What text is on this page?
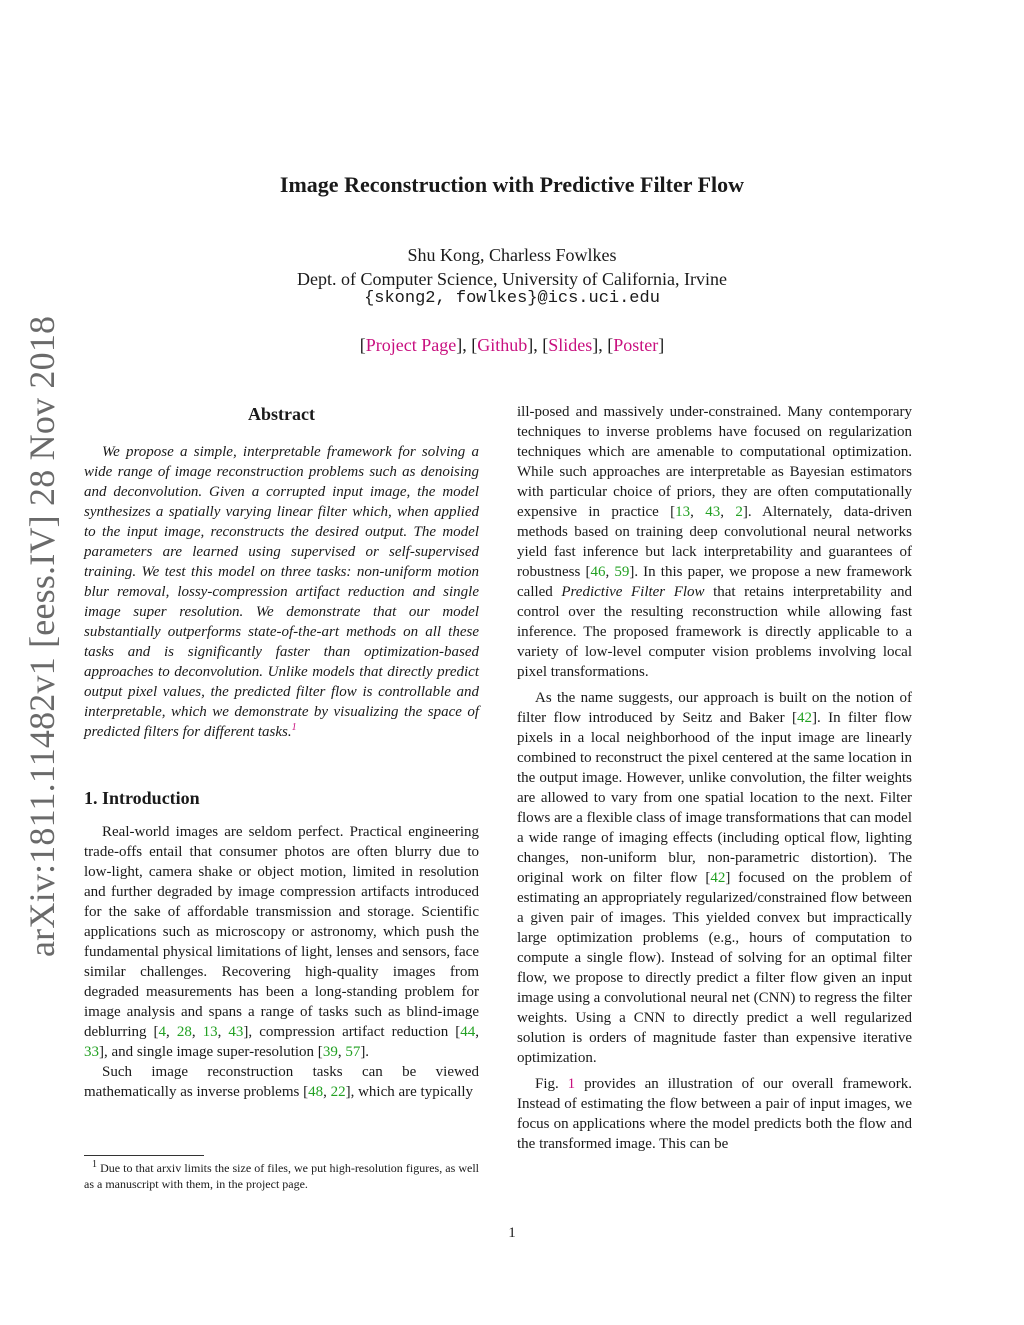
arXiv:1811.11482v1 [eess.IV] 28 Nov 2018
Image Reconstruction with Predictive Filter Flow
Shu Kong, Charless Fowlkes
Dept. of Computer Science, University of California, Irvine
{skong2, fowlkes}@ics.uci.edu
[Project Page], [Github], [Slides], [Poster]
Abstract

We propose a simple, interpretable framework for solving a wide range of image reconstruction problems such as denoising and deconvolution. Given a corrupted input image, the model synthesizes a spatially varying linear filter which, when applied to the input image, reconstructs the desired output. The model parameters are learned using supervised or self-supervised training. We test this model on three tasks: non-uniform motion blur removal, lossy-compression artifact reduction and single image super resolution. We demonstrate that our model substantially outperforms state-of-the-art methods on all these tasks and is significantly faster than optimization-based approaches to deconvolution. Unlike models that directly predict output pixel values, the predicted filter flow is controllable and interpretable, which we demonstrate by visualizing the space of predicted filters for different tasks.$^1$

1. Introduction

Real-world images are seldom perfect. Practical engineering trade-offs entail that consumer photos are often blurry due to low-light, camera shake or object motion, limited in resolution and further degraded by image compression artifacts introduced for the sake of affordable transmission and storage. Scientific applications such as microscopy or astronomy, which push the fundamental physical limitations of light, lenses and sensors, face similar challenges. Recovering high-quality images from degraded measurements has been a long-standing problem for image analysis and spans a range of tasks such as blind-image deblurring [4, 28, 13, 43], compression artifact reduction [44, 33], and single image super-resolution [39, 57].

Such image reconstruction tasks can be viewed mathematically as inverse problems [48, 22], which are typically

ill-posed and massively under-constrained. Many contemporary techniques to inverse problems have focused on regularization techniques which are amenable to computational optimization. While such approaches are interpretable as Bayesian estimators with particular choice of priors, they are often computationally expensive in practice [13, 43, 2]. Alternately, data-driven methods based on training deep convolutional neural networks yield fast inference but lack interpretability and guarantees of robustness [46, 59]. In this paper, we propose a new framework called Predictive Filter Flow that retains interpretability and control over the resulting reconstruction while allowing fast inference. The proposed framework is directly applicable to a variety of low-level computer vision problems involving local pixel transformations.

As the name suggests, our approach is built on the notion of filter flow introduced by Seitz and Baker [42]. In filter flow pixels in a local neighborhood of the input image are linearly combined to reconstruct the pixel centered at the same location in the output image. However, unlike convolution, the filter weights are allowed to vary from one spatial location to the next. Filter flows are a flexible class of image transformations that can model a wide range of imaging effects (including optical flow, lighting changes, non-uniform blur, non-parametric distortion). The original work on filter flow [42] focused on the problem of estimating an appropriately regularized/constrained flow between a given pair of images. This yielded convex but impractically large optimization problems (e.g., hours of computation to compute a single flow). Instead of solving for an optimal filter flow, we propose to directly predict a filter flow given an input image using a convolutional neural net (CNN) to regress the filter weights. Using a CNN to directly predict a well regularized solution is orders of magnitude faster than expensive iterative optimization.

Fig. 1 provides an illustration of our overall framework. Instead of estimating the flow between a pair of input images, we focus on applications where the model predicts both the flow and the transformed image. This can be

$^1$ Due to that arxiv limits the size of files, we put high-resolution figures, as well as a manuscript with them, in the project page.
1
